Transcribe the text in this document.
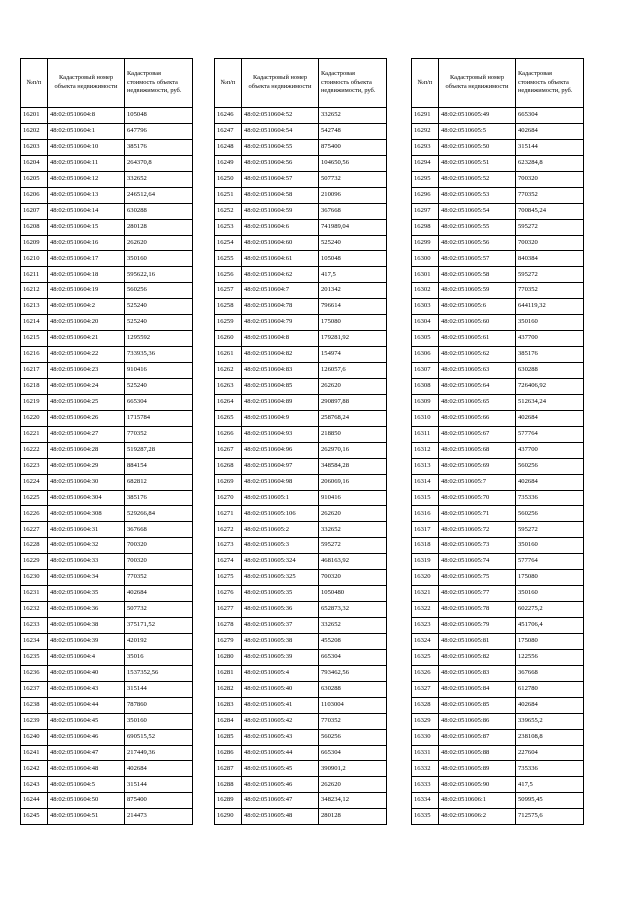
№п/п	Кадастровый номер объекта недвижимости	Кадастровая стоимость объекта недвижимости, руб.
16201	48:02:0510604:8	105048
16202	48:02:0510604:1	647796
16203	48:02:0510604:10	385176
16204	48:02:0510604:11	264370,8
16205	48:02:0510604:12	332652
16206	48:02:0510604:13	246512,64
16207	48:02:0510604:14	630288
16208	48:02:0510604:15	280128
16209	48:02:0510604:16	262620
16210	48:02:0510604:17	350160
16211	48:02:0510604:18	595622,16
16212	48:02:0510604:19	560256
16213	48:02:0510604:2	525240
16214	48:02:0510604:20	525240
16215	48:02:0510604:21	1295592
16216	48:02:0510604:22	733935,36
16217	48:02:0510604:23	910416
16218	48:02:0510604:24	525240
16219	48:02:0510604:25	665304
16220	48:02:0510604:26	1715784
16221	48:02:0510604:27	770352
16222	48:02:0510604:28	519287,28
16223	48:02:0510604:29	884154
16224	48:02:0510604:30	682812
16225	48:02:0510604:304	385176
16226	48:02:0510604:308	529266,84
16227	48:02:0510604:31	367668
16228	48:02:0510604:32	700320
16229	48:02:0510604:33	700320
16230	48:02:0510604:34	770352
16231	48:02:0510604:35	402684
16232	48:02:0510604:36	507732
16233	48:02:0510604:38	375171,52
16234	48:02:0510604:39	420192
16235	48:02:0510604:4	35016
16236	48:02:0510604:40	1537352,56
16237	48:02:0510604:43	315144
16238	48:02:0510604:44	787860
16239	48:02:0510604:45	350160
16240	48:02:0510604:46	690515,52
16241	48:02:0510604:47	217449,36
16242	48:02:0510604:48	402684
16243	48:02:0510604:5	315144
16244	48:02:0510604:50	875400
16245	48:02:0510604:51	214473
№п/п	Кадастровый номер объекта недвижимости	Кадастровая стоимость объекта недвижимости, руб.
16246	48:02:0510604:52	332652
16247	48:02:0510604:54	542748
16248	48:02:0510604:55	875400
16249	48:02:0510604:56	104650,56
16250	48:02:0510604:57	507732
16251	48:02:0510604:58	210096
16252	48:02:0510604:59	367668
16253	48:02:0510604:6	741989,04
16254	48:02:0510604:60	525240
16255	48:02:0510604:61	105048
16256	48:02:0510604:62	417,5
16257	48:02:0510604:7	201342
16258	48:02:0510604:78	796614
16259	48:02:0510604:79	175080
16260	48:02:0510604:8	179281,92
16261	48:02:0510604:82	154974
16262	48:02:0510604:83	126057,6
16263	48:02:0510604:85	262620
16264	48:02:0510604:89	290897,88
16265	48:02:0510604:9	258768,24
16266	48:02:0510604:93	218850
16267	48:02:0510604:96	262970,16
16268	48:02:0510604:97	348584,28
16269	48:02:0510604:98	206069,16
16270	48:02:0510605:1	910416
16271	48:02:0510605:106	262620
16272	48:02:0510605:2	332652
16273	48:02:0510605:3	595272
16274	48:02:0510605:324	468163,92
16275	48:02:0510605:325	700320
16276	48:02:0510605:35	1050480
16277	48:02:0510605:36	652873,32
16278	48:02:0510605:37	332652
16279	48:02:0510605:38	455208
16280	48:02:0510605:39	665304
16281	48:02:0510605:4	793462,56
16282	48:02:0510605:40	630288
16283	48:02:0510605:41	1103004
16284	48:02:0510605:42	770352
16285	48:02:0510605:43	560256
16286	48:02:0510605:44	665304
16287	48:02:0510605:45	390901,2
16288	48:02:0510605:46	262620
16289	48:02:0510605:47	348234,12
16290	48:02:0510605:48	280128
№п/п	Кадастровый номер объекта недвижимости	Кадастровая стоимость объекта недвижимости, руб.
16291	48:02:0510605:49	665304
16292	48:02:0510605:5	402684
16293	48:02:0510605:50	315144
16294	48:02:0510605:51	623284,8
16295	48:02:0510605:52	700320
16296	48:02:0510605:53	770352
16297	48:02:0510605:54	700845,24
16298	48:02:0510605:55	595272
16299	48:02:0510605:56	700320
16300	48:02:0510605:57	840384
16301	48:02:0510605:58	595272
16302	48:02:0510605:59	770352
16303	48:02:0510605:6	644119,32
16304	48:02:0510605:60	350160
16305	48:02:0510605:61	437700
16306	48:02:0510605:62	385176
16307	48:02:0510605:63	630288
16308	48:02:0510605:64	726406,92
16309	48:02:0510605:65	512634,24
16310	48:02:0510605:66	402684
16311	48:02:0510605:67	577764
16312	48:02:0510605:68	437700
16313	48:02:0510605:69	560256
16314	48:02:0510605:7	402684
16315	48:02:0510605:70	735336
16316	48:02:0510605:71	560256
16317	48:02:0510605:72	595272
16318	48:02:0510605:73	350160
16319	48:02:0510605:74	577764
16320	48:02:0510605:75	175080
16321	48:02:0510605:77	350160
16322	48:02:0510605:78	602275,2
16323	48:02:0510605:79	451706,4
16324	48:02:0510605:81	175080
16325	48:02:0510605:82	122556
16326	48:02:0510605:83	367668
16327	48:02:0510605:84	612780
16328	48:02:0510605:85	402684
16329	48:02:0510605:86	339655,2
16330	48:02:0510605:87	238108,8
16331	48:02:0510605:88	227604
16332	48:02:0510605:89	735336
16333	48:02:0510605:90	417,5
16334	48:02:0510606:1	50995,45
16335	48:02:0510606:2	712575,6
